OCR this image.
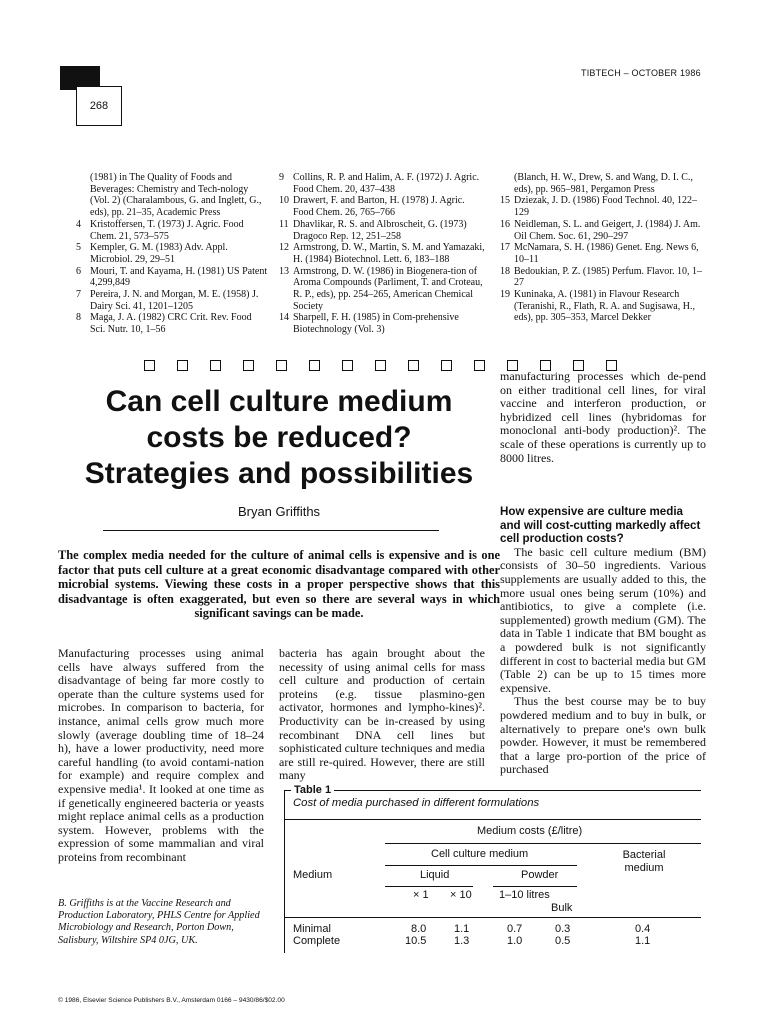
268
TIBTECH – OCTOBER 1986

(1981) in The Quality of Foods and Beverages: Chemistry and Tech-nology (Vol. 2) (Charalambous, G. and Inglett, G., eds), pp. 21–35, Academic Press

4 Kristoffersen, T. (1973) J. Agric. Food Chem. 21, 573–575

5 Kempler, G. M. (1983) Adv. Appl. Microbiol. 29, 29–51

6 Mouri, T. and Kayama, H. (1981) US Patent 4,299,849

7 Pereira, J. N. and Morgan, M. E. (1958) J. Dairy Sci. 41, 1201–1205

8 Maga, J. A. (1982) CRC Crit. Rev. Food Sci. Nutr. 10, 1–56

9 Collins, R. P. and Halim, A. F. (1972) J. Agric. Food Chem. 20, 437–438

10 Drawert, F. and Barton, H. (1978) J. Agric. Food Chem. 26, 765–766

11 Dhavlikar, R. S. and Albroscheit, G. (1973) Dragoco Rep. 12, 251–258

12 Armstrong, D. W., Martin, S. M. and Yamazaki, H. (1984) Biotechnol. Lett. 6, 183–188

13 Armstrong, D. W. (1986) in Biogenera-tion of Aroma Compounds (Parliment, T. and Croteau, R. P., eds), pp. 254–265, American Chemical Society

14 Sharpell, F. H. (1985) in Com-prehensive Biotechnology (Vol. 3)

(Blanch, H. W., Drew, S. and Wang, D. I. C., eds), pp. 965–981, Pergamon Press

15 Dziezak, J. D. (1986) Food Technol. 40, 122–129

16 Neidleman, S. L. and Geigert, J. (1984) J. Am. Oil Chem. Soc. 61, 290–297

17 McNamara, S. H. (1986) Genet. Eng. News 6, 10–11

18 Bedoukian, P. Z. (1985) Perfum. Flavor. 10, 1–27

19 Kuninaka, A. (1981) in Flavour Research (Teranishi, R., Flath, R. A. and Sugisawa, H., eds), pp. 305–353, Marcel Dekker

Can cell culture medium
costs be reduced?
Strategies and possibilities
Bryan Griffiths
The complex media needed for the culture of animal cells is expensive and is one factor that puts cell culture at a great economic disadvantage compared with other microbial systems. Viewing these costs in a proper perspective shows that this disadvantage is often exaggerated, but even so there are several ways in which significant savings can be made.

Manufacturing processes using animal cells have always suffered from the disadvantage of being far more costly to operate than the culture systems used for microbes. In comparison to bacteria, for instance, animal cells grow much more slowly (average doubling time of 18–24 h), have a lower productivity, need more careful handling (to avoid contami-nation for example) and require complex and expensive media¹. It looked at one time as if genetically engineered bacteria or yeasts might replace animal cells as a production system. However, problems with the expression of some mammalian and viral proteins from recombinant

bacteria has again brought about the necessity of using animal cells for mass cell culture and production of certain proteins (e.g. tissue plasmino-gen activator, hormones and lympho-kines)². Productivity can be in-creased by using recombinant DNA cell lines but sophisticated culture techniques and media are still re-quired. However, there are still many

manufacturing processes which de-pend on either traditional cell lines, for viral vaccine and interferon production, or hybridized cell lines (hybridomas for monoclonal anti-body production)². The scale of these operations is currently up to 8000 litres.

How expensive are culture media and will cost-cutting markedly affect cell production costs?

The basic cell culture medium (BM) consists of 30–50 ingredients. Various supplements are usually added to this, the more usual ones being serum (10%) and antibiotics, to give a complete (i.e. supplemented) growth medium (GM). The data in Table 1 indicate that BM bought as a powdered bulk is not significantly different in cost to bacterial media but GM (Table 2) can be up to 15 times more expensive.

Thus the best course may be to buy powdered medium and to buy in bulk, or alternatively to prepare one's own bulk powder. However, it must be remembered that a large pro-portion of the price of purchased

B. Griffiths is at the Vaccine Research and Production Laboratory, PHLS Centre for Applied Microbiology and Research, Porton Down, Salisbury, Wiltshire SP4 0JG, UK.
Table 1
Cost of media purchased in different formulations
Medium costs (£/litre)
Cell culture medium	Bacterial medium
Medium	Liquid	Powder
× 1 × 10 1–10 litres
Bulk
Minimal	8.0	1.1	0.7	0.3	0.4
Complete	10.5	1.3	1.0	0.5	1.1
© 1986, Elsevier Science Publishers B.V., Amsterdam 0166 – 9430/86/$02.00
